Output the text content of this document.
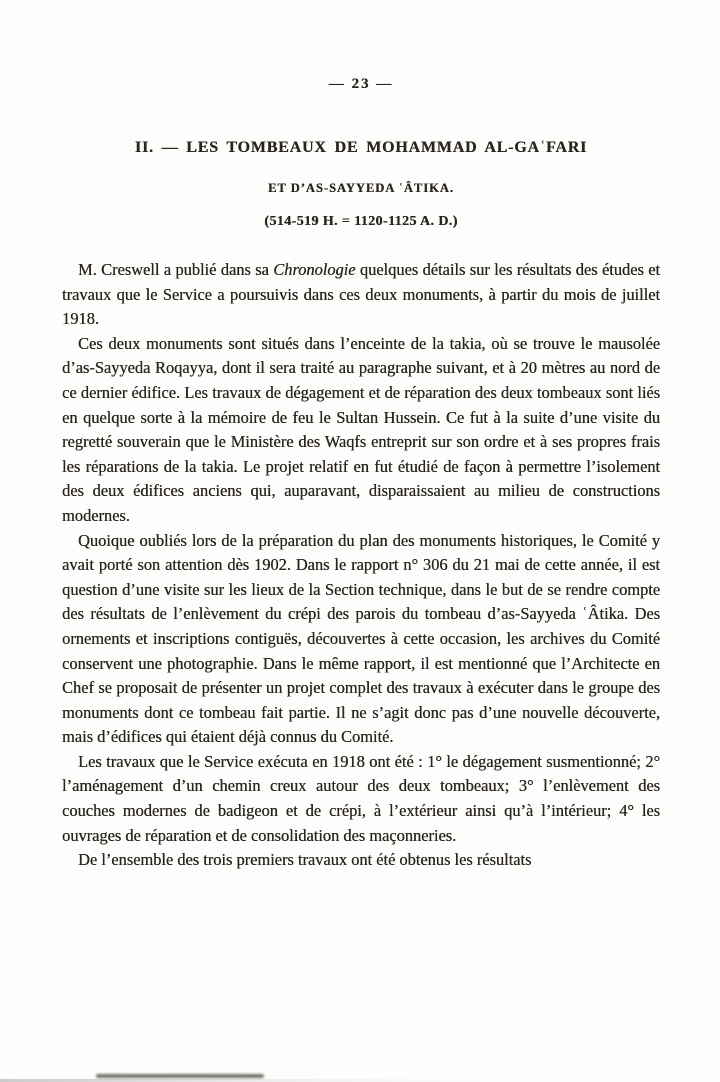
— 23 —
II. — LES TOMBEAUX DE MOHAMMAD AL-GAʿFARI
ET D’AS-SAYYEDA ʿÂTIKA.
(514-519 H. = 1120-1125 A. D.)

M. Creswell a publié dans sa Chronologie quelques détails sur les résultats des études et travaux que le Service a poursuivis dans ces deux monuments, à partir du mois de juillet 1918.

Ces deux monuments sont situés dans l’enceinte de la takia, où se trouve le mausolée d’as-Sayyeda Roqayya, dont il sera traité au paragraphe suivant, et à 20 mètres au nord de ce dernier édifice. Les travaux de dégagement et de réparation des deux tombeaux sont liés en quelque sorte à la mémoire de feu le Sultan Hussein. Ce fut à la suite d’une visite du regretté souverain que le Ministère des Waqfs entreprit sur son ordre et à ses propres frais les réparations de la takia. Le projet relatif en fut étudié de façon à permettre l’isolement des deux édifices anciens qui, auparavant, disparaissaient au milieu de constructions modernes.

Quoique oubliés lors de la préparation du plan des monuments historiques, le Comité y avait porté son attention dès 1902. Dans le rapport n° 306 du 21 mai de cette année, il est question d’une visite sur les lieux de la Section technique, dans le but de se rendre compte des résultats de l’enlèvement du crépi des parois du tombeau d’as-Sayyeda ʿÂtika. Des ornements et inscriptions contiguës, découvertes à cette occasion, les archives du Comité conservent une photographie. Dans le même rapport, il est mentionné que l’Architecte en Chef se proposait de présenter un projet complet des travaux à exécuter dans le groupe des monuments dont ce tombeau fait partie. Il ne s’agit donc pas d’une nouvelle découverte, mais d’édifices qui étaient déjà connus du Comité.

Les travaux que le Service exécuta en 1918 ont été : 1° le dégagement susmentionné; 2° l’aménagement d’un chemin creux autour des deux tombeaux; 3° l’enlèvement des couches modernes de badigeon et de crépi, à l’extérieur ainsi qu’à l’intérieur; 4° les ouvrages de réparation et de consolidation des maçonneries.

De l’ensemble des trois premiers travaux ont été obtenus les résultats
